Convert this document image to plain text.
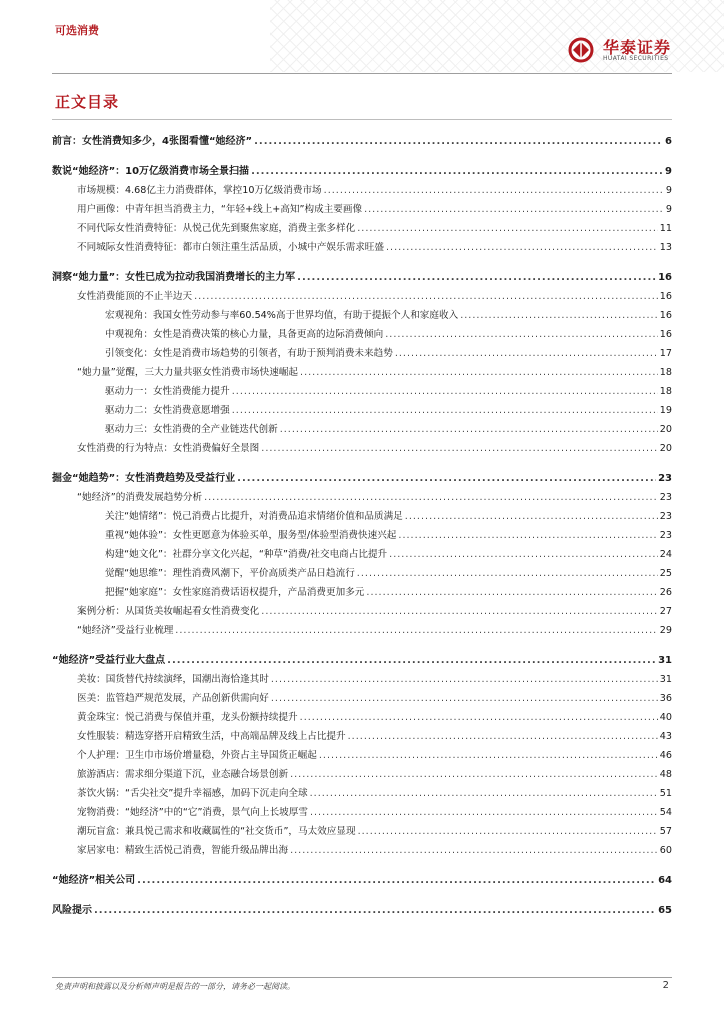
可选消费
华泰证券
HUATAI SECURITIES
正文目录
前言：女性消费知多少，4张图看懂“她经济” .....	6
数说“她经济”：10万亿级消费市场全景扫描 .....	9
市场规模：4.68亿主力消费群体，掌控10万亿级消费市场 .....	9
用户画像：中青年担当消费主力，“年轻+线上+高知”构成主要画像 .....	9
不同代际女性消费特征：从悦己优先到聚焦家庭，消费主张多样化 .....	11
不同城际女性消费特征：都市白领注重生活品质，小城中产娱乐需求旺盛 .....	13
洞察“她力量”：女性已成为拉动我国消费增长的主力军 .....	16
女性消费能顶的不止半边天 .....	16
宏观视角：我国女性劳动参与率60.54%高于世界均值，有助于提振个人和家庭收入 .....	16
中观视角：女性是消费决策的核心力量，具备更高的边际消费倾向 .....	16
引领变化：女性是消费市场趋势的引领者，有助于预判消费未来趋势 .....	17
“她力量”觉醒，三大力量共驱女性消费市场快速崛起 .....	18
驱动力一：女性消费能力提升 .....	18
驱动力二：女性消费意愿增强 .....	19
驱动力三：女性消费的全产业链迭代创新 .....	20
女性消费的行为特点：女性消费偏好全景图 .....	20
掘金“她趋势”：女性消费趋势及受益行业 .....	23
“她经济”的消费发展趋势分析 .....	23
关注“她情绪”：悦己消费占比提升，对消费品追求情绪价值和品质满足 .....	23
重视“她体验”：女性更愿意为体验买单，服务型/体验型消费快速兴起 .....	23
构建“她文化”：社群分享文化兴起，“种草”消费/社交电商占比提升 .....	24
觉醒“她思维”：理性消费风潮下，平价高质类产品日趋流行 .....	25
把握“她家庭”：女性家庭消费话语权提升，产品消费更加多元 .....	26
案例分析：从国货美妆崛起看女性消费变化 .....	27
“她经济”受益行业梳理 .....	29
“她经济”受益行业大盘点 .....	31
美妆：国货替代持续演绎，国潮出海恰逢其时 .....	31
医美：监管趋严规范发展，产品创新供需向好 .....	36
黄金珠宝：悦己消费与保值并重，龙头份额持续提升 .....	40
女性服装：精选穿搭开启精致生活，中高端品牌及线上占比提升 .....	43
个人护理：卫生巾市场价增量稳，外资占主导国货正崛起 .....	46
旅游酒店：需求细分渠道下沉，业态融合场景创新 .....	48
茶饮火锅：“舌尖社交”提升幸福感，加码下沉走向全球 .....	51
宠物消费：“她经济”中的“它”消费，景气向上长坡厚雪 .....	54
潮玩盲盒：兼具悦己需求和收藏属性的“社交货币”，马太效应显现 .....	57
家居家电：精致生活悦己消费，智能升级品牌出海 .....	60
“她经济”相关公司 .....	64
风险提示 .....	65
免责声明和披露以及分析师声明是报告的一部分，请务必一起阅读。	2
